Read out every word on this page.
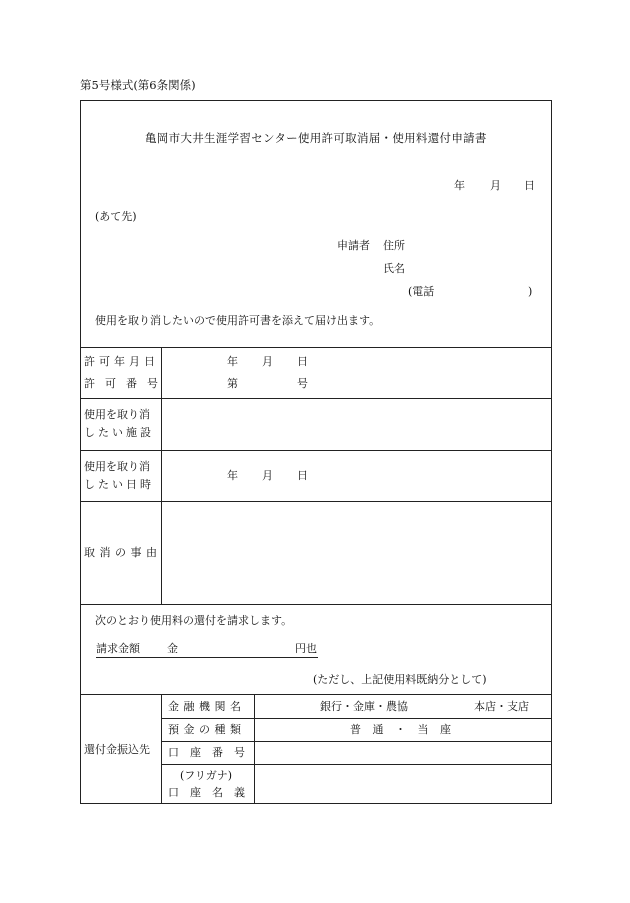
第5号様式(第6条関係)
亀岡市大井生涯学習センター使用許可取消届・使用料還付申請書
年 月 日
(あて先)
申請者 住所
氏名
(電話	)
使用を取り消したいので使用許可書を添えて届け出ます。
許可年月日	年 月 日
許可番号	第	号
使用を取り消
したい施設
使用を取り消
したい日時
年 月 日
取消の事由
次のとおり使用料の還付を請求します。
請求金額 金	円也
(ただし、上記使用料既納分として)
還付金振込先
金融機関名	銀行・金庫・農協	本店・支店
預金の種類	普 通 ・ 当 座
口座番号
(フリガナ)
口座名義
